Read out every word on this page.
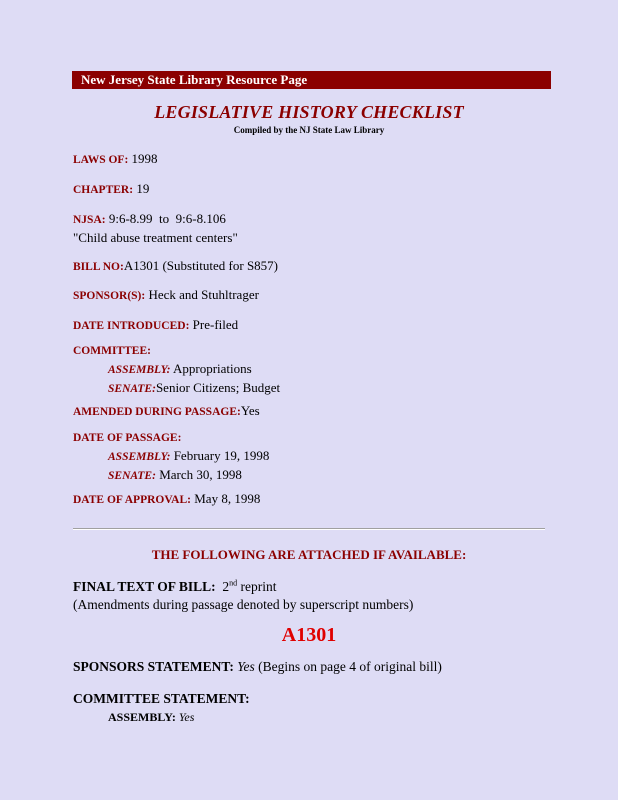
New Jersey State Library Resource Page
LEGISLATIVE HISTORY CHECKLIST
Compiled by the NJ State Law Library
LAWS OF: 1998
CHAPTER: 19
NJSA: 9:6-8.99  to  9:6-8.106
"Child abuse treatment centers"
BILL NO:A1301 (Substituted for S857)
SPONSOR(S): Heck and Stuhltrager
DATE INTRODUCED: Pre-filed
COMMITTEE:
ASSEMBLY: Appropriations
SENATE:Senior Citizens; Budget
AMENDED DURING PASSAGE:Yes
DATE OF PASSAGE:
ASSEMBLY: February 19, 1998
SENATE: March 30, 1998
DATE OF APPROVAL: May 8, 1998
THE FOLLOWING ARE ATTACHED IF AVAILABLE:
FINAL TEXT OF BILL: 2nd reprint
(Amendments during passage denoted by superscript numbers)
A1301
SPONSORS STATEMENT: Yes (Begins on page 4 of original bill)
COMMITTEE STATEMENT:
ASSEMBLY: Yes
